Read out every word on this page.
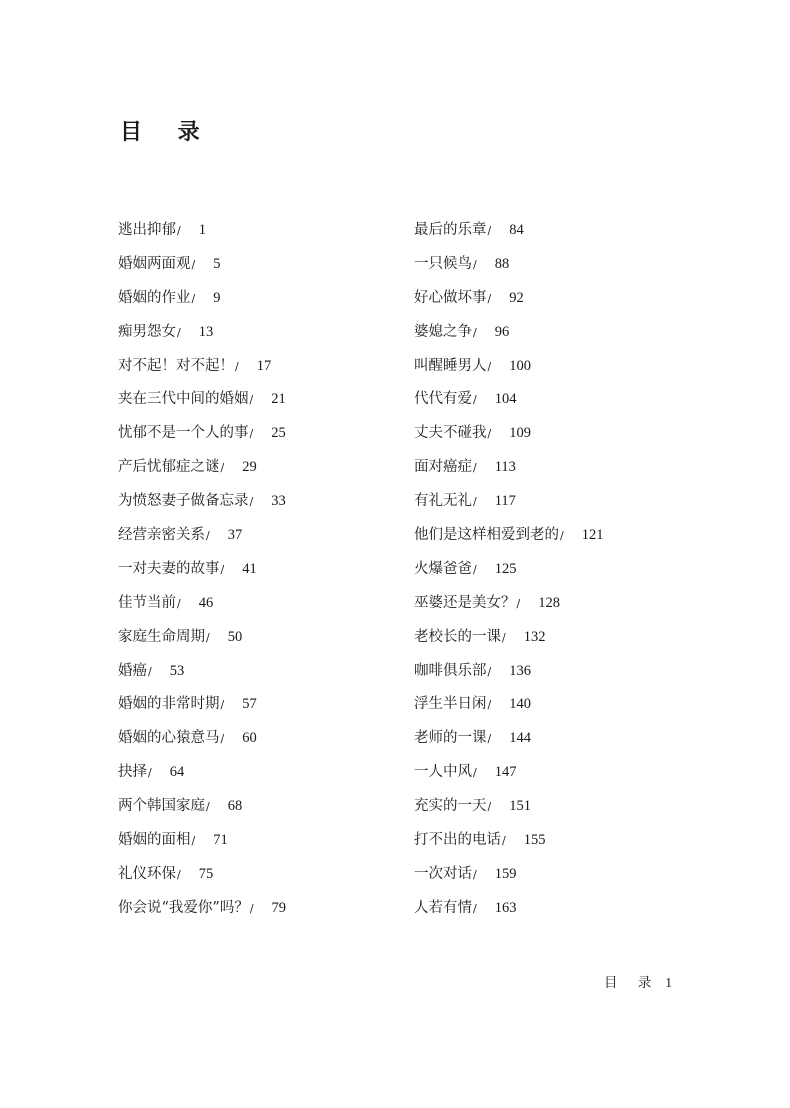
目 录
逃出抑郁/ 1
婚姻两面观/ 5
婚姻的作业/ 9
痴男怨女/ 13
对不起！对不起！/ 17
夹在三代中间的婚姻/ 21
忧郁不是一个人的事/ 25
产后忧郁症之谜/ 29
为愤怒妻子做备忘录/ 33
经营亲密关系/ 37
一对夫妻的故事/ 41
佳节当前/ 46
家庭生命周期/ 50
婚癌/ 53
婚姻的非常时期/ 57
婚姻的心猿意马/ 60
抉择/ 64
两个韩国家庭/ 68
婚姻的面相/ 71
礼仪环保/ 75
你会说“我爱你”吗？/ 79
最后的乐章/ 84
一只候鸟/ 88
好心做坏事/ 92
婆媳之争/ 96
叫醒睡男人/ 100
代代有爱/ 104
丈夫不碰我/ 109
面对癌症/ 113
有礼无礼/ 117
他们是这样相爱到老的/ 121
火爆爸爸/ 125
巫婆还是美女？/ 128
老校长的一课/ 132
咖啡俱乐部/ 136
浮生半日闲/ 140
老师的一课/ 144
一人中风/ 147
充实的一天/ 151
打不出的电话/ 155
一次对话/ 159
人若有情/ 163
目 录 1
